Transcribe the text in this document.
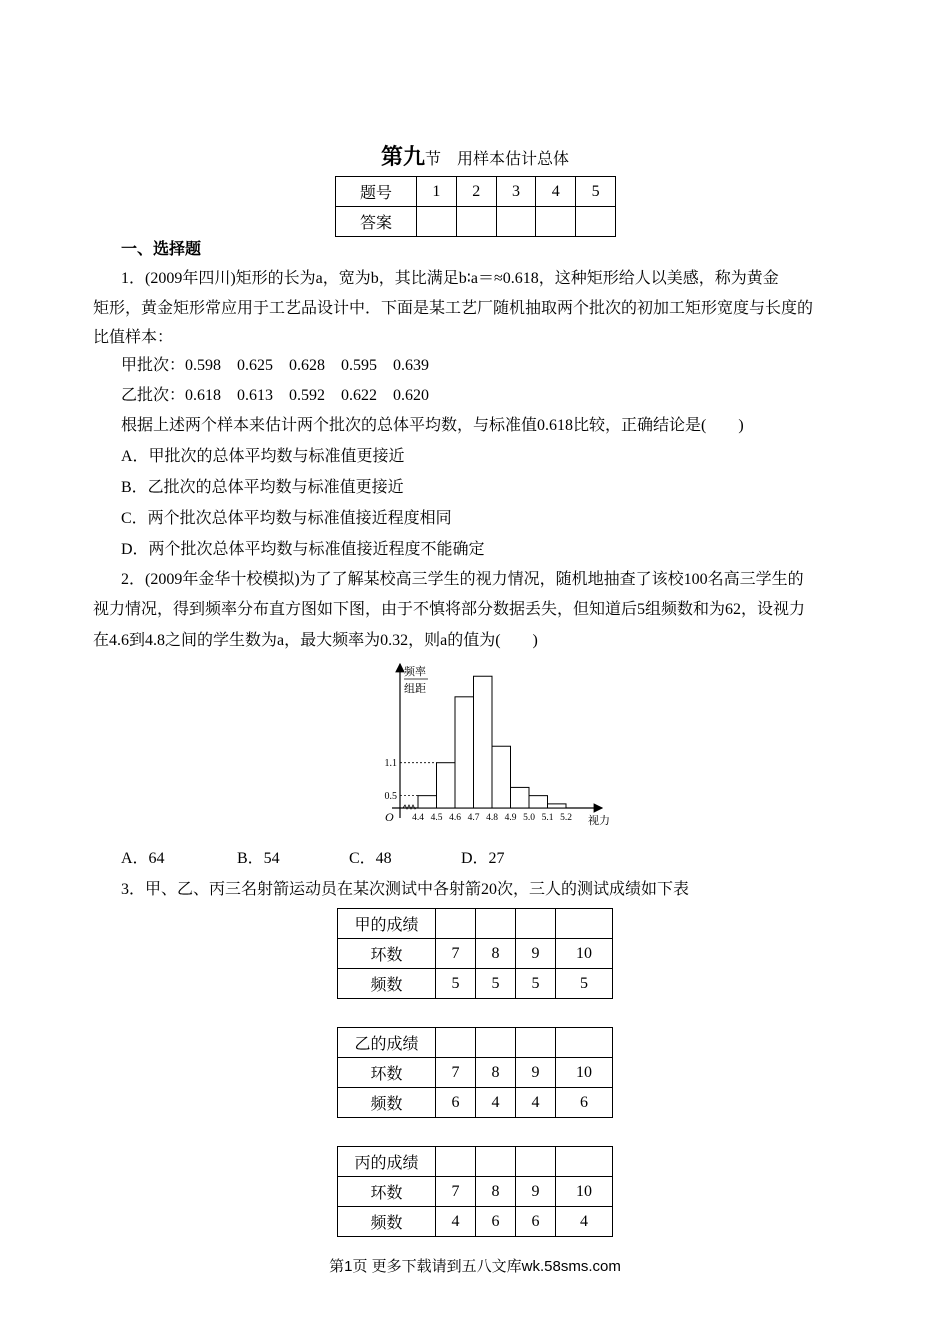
第九节　 用样本估计总体
题号	1	2	3	4	5
答案					
一、选择题
1．(2009年四川)矩形的长为a，宽为b，其比满足b∶a＝≈0.618，这种矩形给人以美感，称为黄金
矩形，黄金矩形常应用于工艺品设计中．下面是某工艺厂随机抽取两个批次的初加工矩形宽度与长度的
比值样本：
甲批次：0.598　0.625　0.628　0.595　0.639
乙批次：0.618　0.613　0.592　0.622　0.620
根据上述两个样本来估计两个批次的总体平均数，与标准值0.618比较，正确结论是(　　)
A．甲批次的总体平均数与标准值更接近
B．乙批次的总体平均数与标准值更接近
C．两个批次总体平均数与标准值接近程度相同
D．两个批次总体平均数与标准值接近程度不能确定
2．(2009年金华十校模拟)为了了解某校高三学生的视力情况，随机地抽查了该校100名高三学生的
视力情况，得到频率分布直方图如下图，由于不慎将部分数据丢失，但知道后5组频数和为62，设视力
在4.6到4.8之间的学生数为a，最大频率为0.32，则a的值为(　　)
频率
组距
视力
O 4.4 4.5 4.6 4.7 4.8 4.9 5.0 5.1 5.2
0.5
1.1
A．64	B．54	C．48	D．27
3．甲、乙、丙三名射箭运动员在某次测试中各射箭20次，三人的测试成绩如下表
甲的成绩				
环数	7	8	9	10
频数	5	5	5	5
乙的成绩				
环数	7	8	9	10
频数	6	4	4	6
丙的成绩				
环数	7	8	9	10
频数	4	6	6	4
第1页 更多下载请到五八文库wk.58sms.com
